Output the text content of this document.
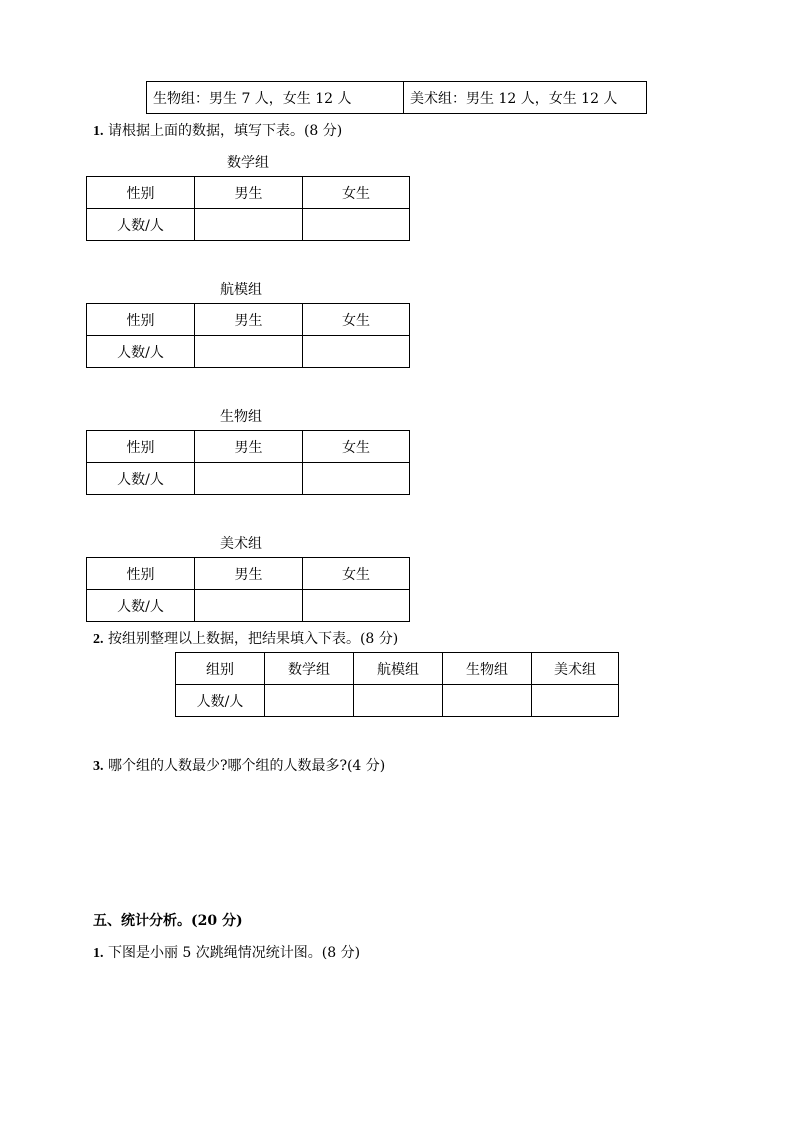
生物组：男生 7 人，女生 12 人	美术组：男生 12 人，女生 12 人
1. 请根据上面的数据，填写下表。(8 分)
数学组
性别	男生	女生
人数/人		
航模组
性别	男生	女生
人数/人		
生物组
性别	男生	女生
人数/人		
美术组
性别	男生	女生
人数/人		
2. 按组别整理以上数据，把结果填入下表。(8 分)
组别	数学组	航模组	生物组	美术组
人数/人				
3. 哪个组的人数最少?哪个组的人数最多?(4 分)
五、统计分析。(20 分)
1. 下图是小丽 5 次跳绳情况统计图。(8 分)
